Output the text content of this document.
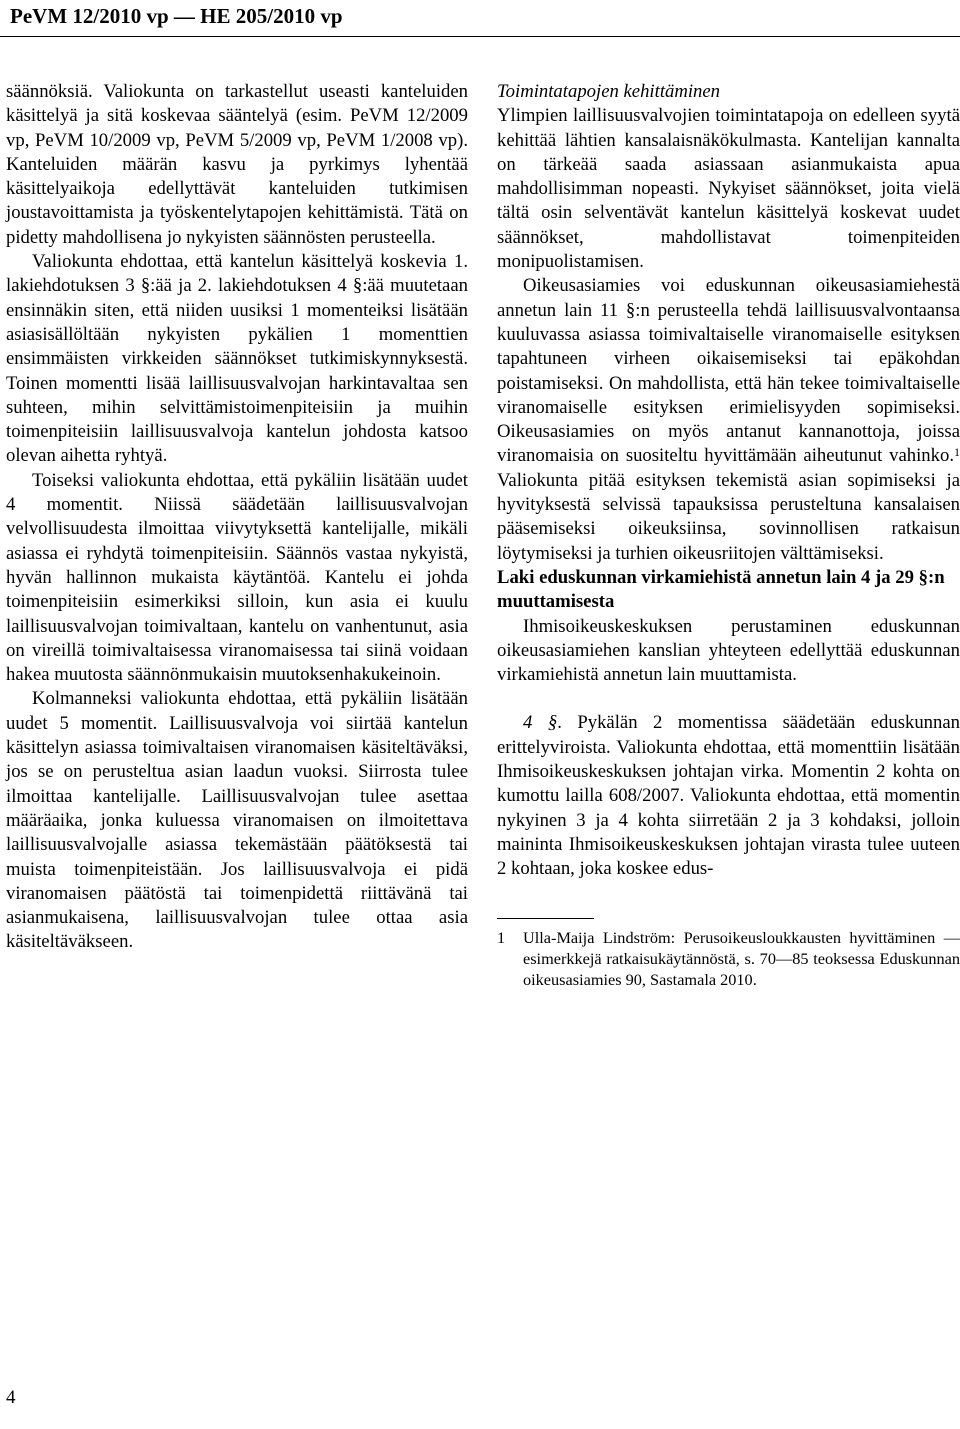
PeVM 12/2010 vp — HE 205/2010 vp

säännöksiä. Valiokunta on tarkastellut useasti kanteluiden käsittelyä ja sitä koskevaa sääntelyä (esim. PeVM 12/2009 vp, PeVM 10/2009 vp, PeVM 5/2009 vp, PeVM 1/2008 vp). Kanteluiden määrän kasvu ja pyrkimys lyhentää käsittelyaikoja edellyttävät kanteluiden tutkimisen joustavoittamista ja työskentelytapojen kehittämistä. Tätä on pidetty mahdollisena jo nykyisten säännösten perusteella.

Valiokunta ehdottaa, että kantelun käsittelyä koskevia 1. lakiehdotuksen 3 §:ää ja 2. lakiehdotuksen 4 §:ää muutetaan ensinnäkin siten, että niiden uusiksi 1 momenteiksi lisätään asiasisällöltään nykyisten pykälien 1 momenttien ensimmäisten virkkeiden säännökset tutkimiskynnyksestä. Toinen momentti lisää laillisuusvalvojan harkintavaltaa sen suhteen, mihin selvittämistoimenpiteisiin ja muihin toimenpiteisiin laillisuusvalvoja kantelun johdosta katsoo olevan aihetta ryhtyä.

Toiseksi valiokunta ehdottaa, että pykäliin lisätään uudet 4 momentit. Niissä säädetään laillisuusvalvojan velvollisuudesta ilmoittaa viivytyksettä kantelijalle, mikäli asiassa ei ryhdytä toimenpiteisiin. Säännös vastaa nykyistä, hyvän hallinnon mukaista käytäntöä. Kantelu ei johda toimenpiteisiin esimerkiksi silloin, kun asia ei kuulu laillisuusvalvojan toimivaltaan, kantelu on vanhentunut, asia on vireillä toimivaltaisessa viranomaisessa tai siinä voidaan hakea muutosta säännönmukaisin muutoksenhakukeinoin.

Kolmanneksi valiokunta ehdottaa, että pykäliin lisätään uudet 5 momentit. Laillisuusvalvoja voi siirtää kantelun käsittelyn asiassa toimivaltaisen viranomaisen käsiteltäväksi, jos se on perusteltua asian laadun vuoksi. Siirrosta tulee ilmoittaa kantelijalle. Laillisuusvalvojan tulee asettaa määräaika, jonka kuluessa viranomaisen on ilmoitettava laillisuusvalvojalle asiassa tekemästään päätöksestä tai muista toimenpiteistään. Jos laillisuusvalvoja ei pidä viranomaisen päätöstä tai toimenpidettä riittävänä tai asianmukaisena, laillisuusvalvojan tulee ottaa asia käsiteltäväkseen.

Toimintatapojen kehittäminen

Ylimpien laillisuusvalvojien toimintatapoja on edelleen syytä kehittää lähtien kansalaisnäkökulmasta. Kantelijan kannalta on tärkeää saada asiassaan asianmukaista apua mahdollisimman nopeasti. Nykyiset säännökset, joita vielä tältä osin selventävät kantelun käsittelyä koskevat uudet säännökset, mahdollistavat toimenpiteiden monipuolistamisen.

Oikeusasiamies voi eduskunnan oikeusasiamiehestä annetun lain 11 §:n perusteella tehdä laillisuusvalvontaansa kuuluvassa asiassa toimivaltaiselle viranomaiselle esityksen tapahtuneen virheen oikaisemiseksi tai epäkohdan poistamiseksi. On mahdollista, että hän tekee toimivaltaiselle viranomaiselle esityksen erimielisyyden sopimiseksi. Oikeusasiamies on myös antanut kannanottoja, joissa viranomaisia on suositeltu hyvittämään aiheutunut vahinko.$^1$ Valiokunta pitää esityksen tekemistä asian sopimiseksi ja hyvityksestä selvissä tapauksissa perusteltuna kansalaisen pääsemiseksi oikeuksiinsa, sovinnollisen ratkaisun löytymiseksi ja turhien oikeusriitojen välttämiseksi.

Laki eduskunnan virkamiehistä annetun lain 4 ja 29 §:n muuttamisesta

Ihmisoikeuskeskuksen perustaminen eduskunnan oikeusasiamiehen kanslian yhteyteen edellyttää eduskunnan virkamiehistä annetun lain muuttamista.

4 §. Pykälän 2 momentissa säädetään eduskunnan erittelyviroista. Valiokunta ehdottaa, että momenttiin lisätään Ihmisoikeuskeskuksen johtajan virka. Momentin 2 kohta on kumottu lailla 608/2007. Valiokunta ehdottaa, että momentin nykyinen 3 ja 4 kohta siirretään 2 ja 3 kohdaksi, jolloin maininta Ihmisoikeuskeskuksen johtajan virasta tulee uuteen 2 kohtaan, joka koskee edus-

1	Ulla-Maija Lindström: Perusoikeusloukkausten hyvittäminen — esimerkkejä ratkaisukäytännöstä, s. 70—85 teoksessa Eduskunnan oikeusasiamies 90, Sastamala 2010.
4
